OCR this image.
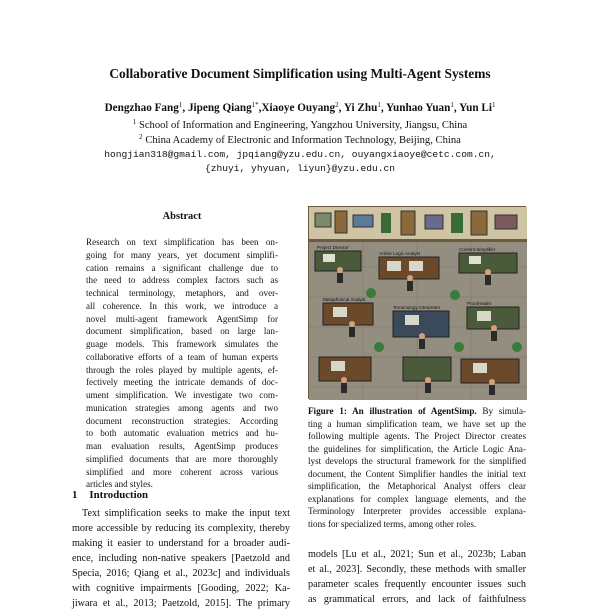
Collaborative Document Simplification using Multi-Agent Systems
Dengzhao Fang$^1$, Jipeng Qiang$^{1*}$,Xiaoye Ouyang$^2$, Yi Zhu$^1$, Yunhao Yuan$^1$, Yun Li$^1$
$^1$ School of Information and Engineering, Yangzhou University, Jiangsu, China
$^2$ China Academy of Electronic and Information Technology, Beijing, China
hongjian318@gmail.com, jpqiang@yzu.edu.cn, ouyangxiaoye@cetc.com.cn,
{zhuyi, yhyuan, liyun}@yzu.edu.cn
Abstract
Research on text simplification has been on-
going for many years, yet document simplifi-
cation remains a significant challenge due to
the need to address complex factors such as
technical terminology, metaphors, and over-
all coherence. In this work, we introduce a
novel multi-agent framework AgentSimp for
document simplification, based on large lan-
guage models. This framework simulates the
collaborative efforts of a team of human experts
through the roles played by multiple agents, ef-
fectively meeting the intricate demands of doc-
ument simplification. We investigate two com-
munication strategies among agents and two
document reconstruction strategies. According
to both automatic evaluation metrics and hu-
man evaluation results, AgentSimp produces
simplified documents that are more thoroughly
simplified and more coherent across various
articles and styles.
1 Introduction
Text simplification seeks to make the input text
more accessible by reducing its complexity, thereby
making it easier to understand for a broader audi-
ence, including non-native speakers [Paetzold and
Specia, 2016; Qiang et al., 2023c] and individuals
with cognitive impairments [Gooding, 2022; Ka-
jiwara et al., 2013; Paetzold, 2015]. The primary
Project Director
Article Logic Analyst
Content Simplifier
Metaphorical Analyst
Terminology Interpreter
Proofreader
Figure 1: An illustration of AgentSimp. By simula-
ting a human simplification team, we have set up the
following multiple agents. The Project Director creates
the guidelines for simplification, the Article Logic Ana-
lyst develops the structural framework for the simplified
document, the Content Simplifier handles the initial text
simplification, the Metaphorical Analyst offers clear
explanations for complex language elements, and the
Terminology Interpreter provides accessible explana-
tions for specialized terms, among other roles.
models [Lu et al., 2021; Sun et al., 2023b; Laban
et al., 2023]. Secondly, these methods with smaller
parameter scales frequently encounter issues such
as grammatical errors, and lack of faithfulness
